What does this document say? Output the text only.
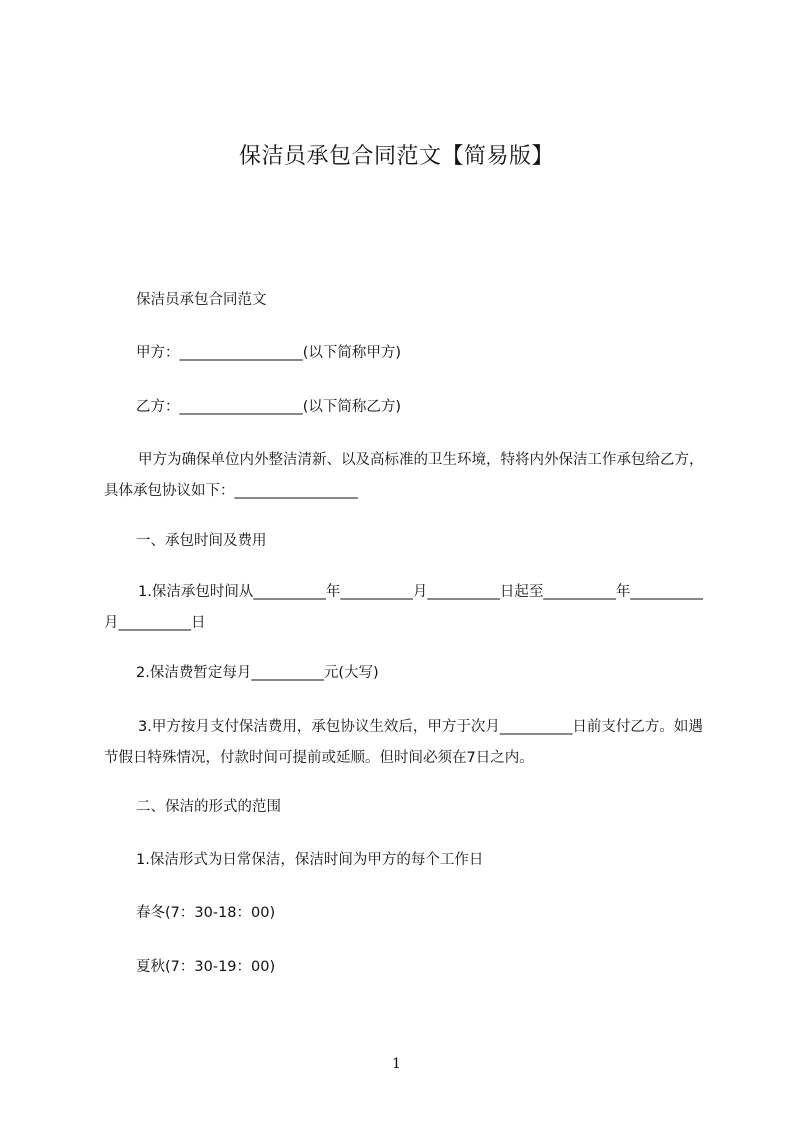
保洁员承包合同范文【简易版】
保洁员承包合同范文
甲方：_________________(以下简称甲方)
乙方：_________________(以下简称乙方)
甲方为确保单位内外整洁清新、以及高标准的卫生环境，特将内外保洁工作承包给乙方，具体承包协议如下：_________________
一、承包时间及费用
1.保洁承包时间从__________年__________月__________日起至__________年__________月__________日
2.保洁费暂定每月__________元(大写)
3.甲方按月支付保洁费用，承包协议生效后，甲方于次月__________日前支付乙方。如遇节假日特殊情况，付款时间可提前或延顺。但时间必须在7日之内。
二、保洁的形式的范围
1.保洁形式为日常保洁，保洁时间为甲方的每个工作日
春冬(7：30-18：00)
夏秋(7：30-19：00)
1
